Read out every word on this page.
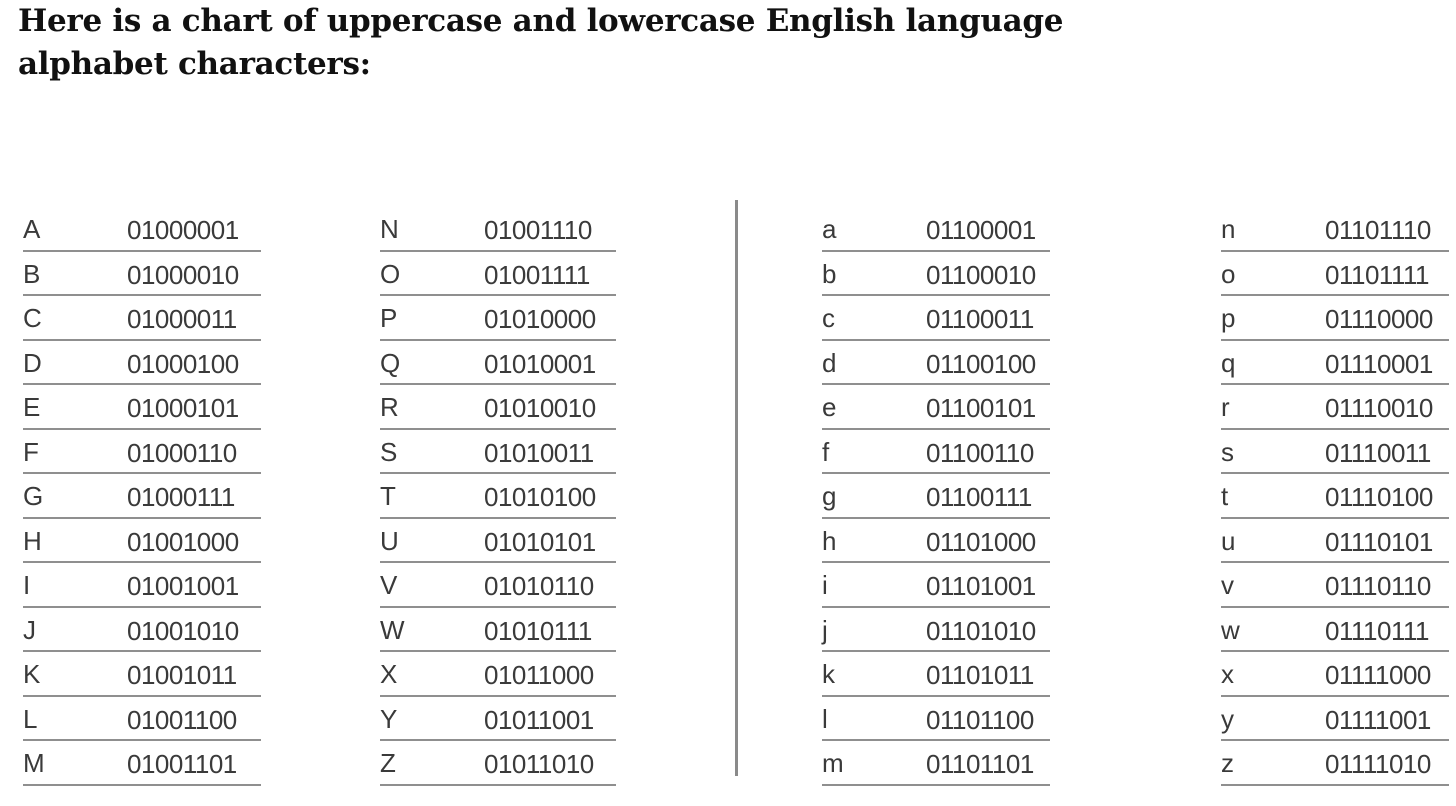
Here is a chart of uppercase and lowercase English language alphabet characters:
A	01000001
B	01000010
C	01000011
D	01000100
E	01000101
F	01000110
G	01000111
H	01001000
I	01001001
J	01001010
K	01001011
L	01001100
M	01001101
N	01001110
O	01001111
P	01010000
Q	01010001
R	01010010
S	01010011
T	01010100
U	01010101
V	01010110
W	01010111
X	01011000
Y	01011001
Z	01011010
a	01100001
b	01100010
c	01100011
d	01100100
e	01100101
f	01100110
g	01100111
h	01101000
i	01101001
j	01101010
k	01101011
l	01101100
m	01101101
n	01101110
o	01101111
p	01110000
q	01110001
r	01110010
s	01110011
t	01110100
u	01110101
v	01110110
w	01110111
x	01111000
y	01111001
z	01111010
